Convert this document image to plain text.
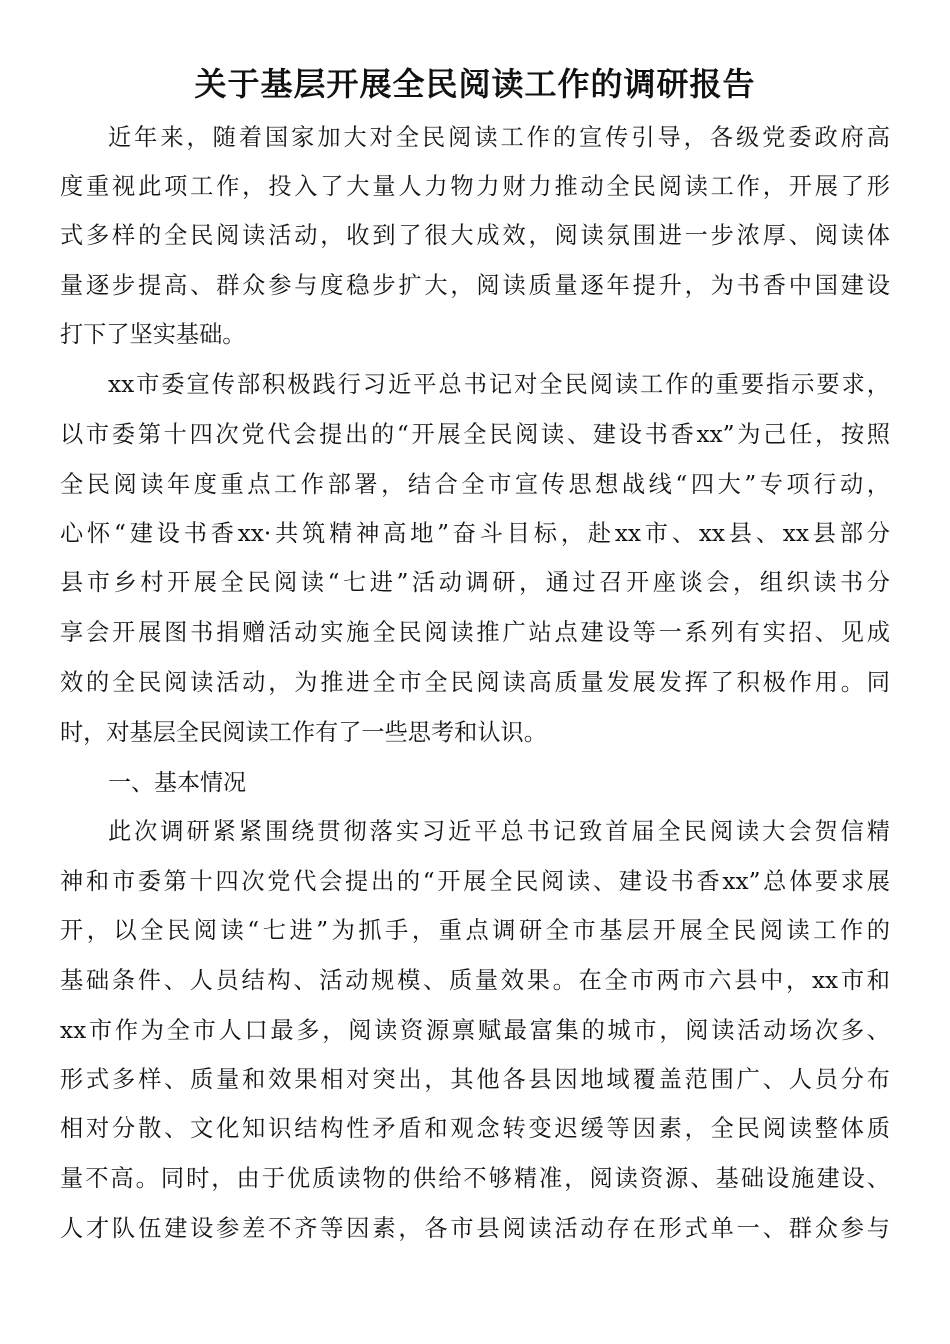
关于基层开展全民阅读工作的调研报告
近年来，随着国家加大对全民阅读工作的宣传引导，各级党委政府高
度重视此项工作，投入了大量人力物力财力推动全民阅读工作，开展了形
式多样的全民阅读活动，收到了很大成效，阅读氛围进一步浓厚、阅读体
量逐步提高、群众参与度稳步扩大，阅读质量逐年提升，为书香中国建设
打下了坚实基础。
xx市委宣传部积极践行习近平总书记对全民阅读工作的重要指示要求，
以市委第十四次党代会提出的“开展全民阅读、建设书香xx”为己任，按照
全民阅读年度重点工作部署，结合全市宣传思想战线“四大”专项行动，
心怀“建设书香xx·共筑精神高地”奋斗目标，赴xx市、xx县、xx县部分
县市乡村开展全民阅读“七进”活动调研，通过召开座谈会，组织读书分
享会开展图书捐赠活动实施全民阅读推广站点建设等一系列有实招、见成
效的全民阅读活动，为推进全市全民阅读高质量发展发挥了积极作用。同
时，对基层全民阅读工作有了一些思考和认识。
一、基本情况
此次调研紧紧围绕贯彻落实习近平总书记致首届全民阅读大会贺信精
神和市委第十四次党代会提出的“开展全民阅读、建设书香xx”总体要求展
开，以全民阅读“七进”为抓手，重点调研全市基层开展全民阅读工作的
基础条件、人员结构、活动规模、质量效果。在全市两市六县中，xx市和
xx市作为全市人口最多，阅读资源禀赋最富集的城市，阅读活动场次多、
形式多样、质量和效果相对突出，其他各县因地域覆盖范围广、人员分布
相对分散、文化知识结构性矛盾和观念转变迟缓等因素，全民阅读整体质
量不高。同时，由于优质读物的供给不够精准，阅读资源、基础设施建设、
人才队伍建设参差不齐等因素，各市县阅读活动存在形式单一、群众参与
